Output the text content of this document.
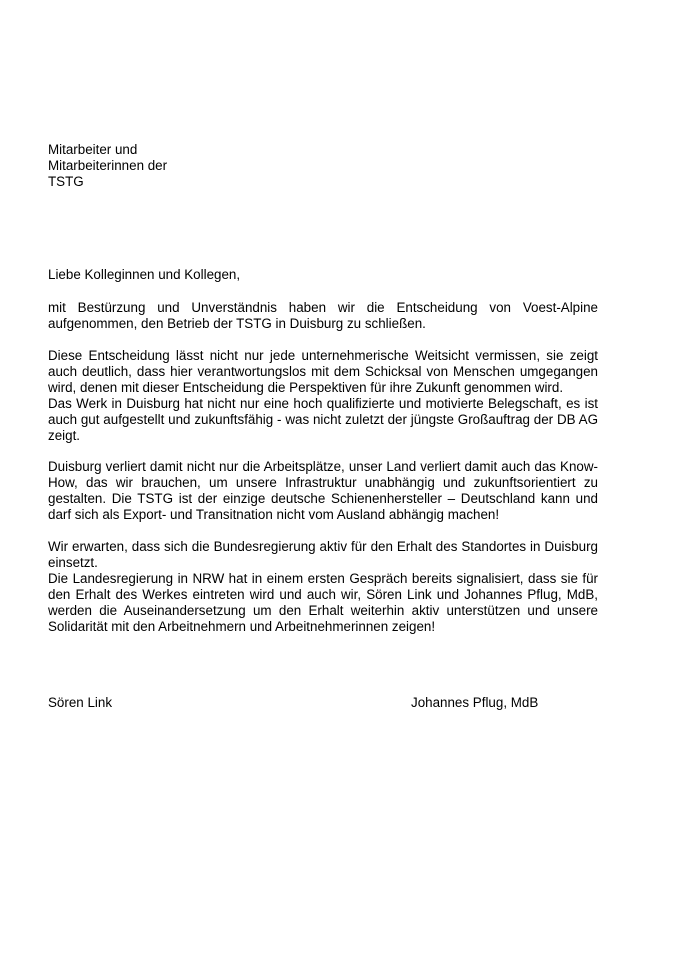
Mitarbeiter und
Mitarbeiterinnen der
TSTG
Liebe Kolleginnen und Kollegen,

mit Bestürzung und Unverständnis haben wir die Entscheidung von Voest-Alpine aufgenommen, den Betrieb der TSTG in Duisburg zu schließen.

Diese Entscheidung lässt nicht nur jede unternehmerische Weitsicht vermissen, sie zeigt auch deutlich, dass hier verantwortungslos mit dem Schicksal von Menschen umgegangen wird, denen mit dieser Entscheidung die Perspektiven für ihre Zukunft genommen wird.
Das Werk in Duisburg hat nicht nur eine hoch qualifizierte und motivierte Belegschaft, es ist auch gut aufgestellt und zukunftsfähig - was nicht zuletzt der jüngste Großauftrag der DB AG zeigt.

Duisburg verliert damit nicht nur die Arbeitsplätze, unser Land verliert damit auch das Know-How, das wir brauchen, um unsere Infrastruktur unabhängig und zukunftsorientiert zu gestalten. Die TSTG ist der einzige deutsche Schienenhersteller – Deutschland kann und darf sich als Export- und Transitnation nicht vom Ausland abhängig machen!

Wir erwarten, dass sich die Bundesregierung aktiv für den Erhalt des Standortes in Duisburg einsetzt.
Die Landesregierung in NRW hat in einem ersten Gespräch bereits signalisiert, dass sie für den Erhalt des Werkes eintreten wird und auch wir, Sören Link und Johannes Pflug, MdB, werden die Auseinandersetzung um den Erhalt weiterhin aktiv unterstützen und unsere Solidarität mit den Arbeitnehmern und Arbeitnehmerinnen zeigen!

Sören Link	Johannes Pflug, MdB
